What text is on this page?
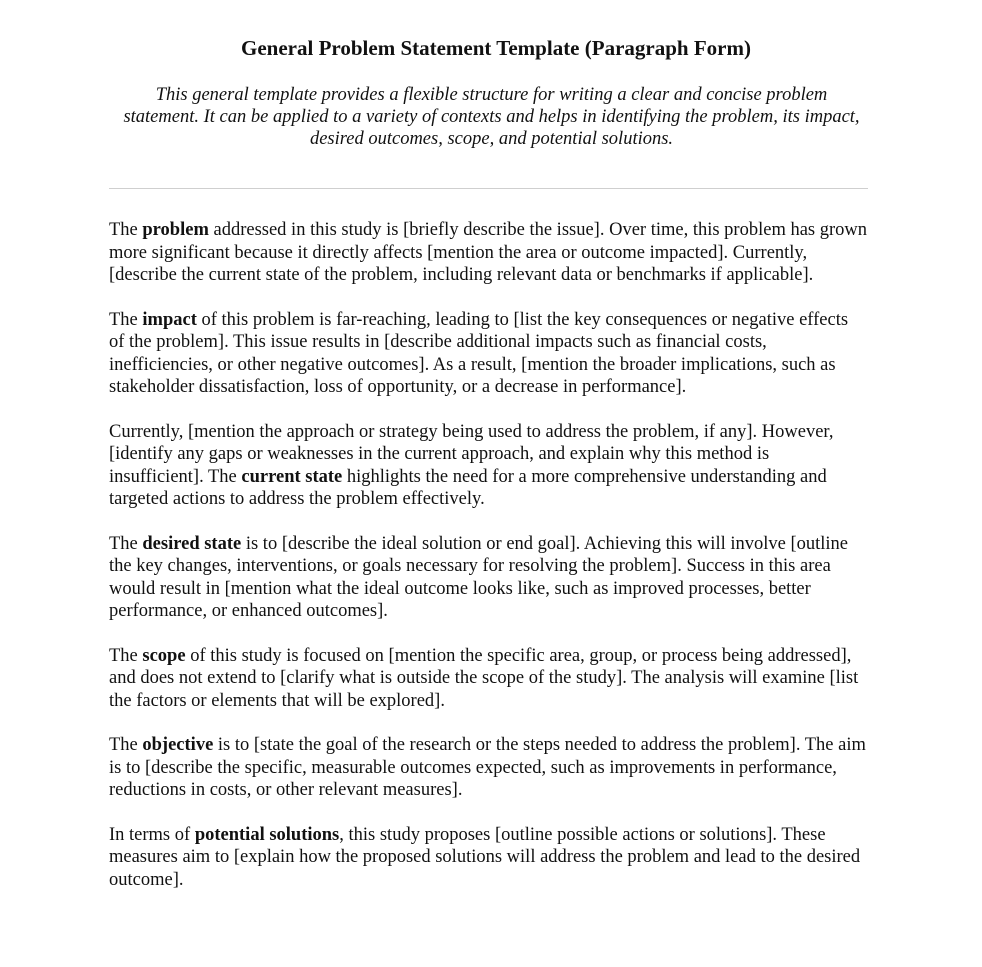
General Problem Statement Template (Paragraph Form)

This general template provides a flexible structure for writing a clear and concise problem statement. It can be applied to a variety of contexts and helps in identifying the problem, its impact, desired outcomes, scope, and potential solutions.

The problem addressed in this study is [briefly describe the issue]. Over time, this problem has grown more significant because it directly affects [mention the area or outcome impacted]. Currently, [describe the current state of the problem, including relevant data or benchmarks if applicable].

The impact of this problem is far-reaching, leading to [list the key consequences or negative effects of the problem]. This issue results in [describe additional impacts such as financial costs, inefficiencies, or other negative outcomes]. As a result, [mention the broader implications, such as stakeholder dissatisfaction, loss of opportunity, or a decrease in performance].

Currently, [mention the approach or strategy being used to address the problem, if any]. However, [identify any gaps or weaknesses in the current approach, and explain why this method is insufficient]. The current state highlights the need for a more comprehensive understanding and targeted actions to address the problem effectively.

The desired state is to [describe the ideal solution or end goal]. Achieving this will involve [outline the key changes, interventions, or goals necessary for resolving the problem]. Success in this area would result in [mention what the ideal outcome looks like, such as improved processes, better performance, or enhanced outcomes].

The scope of this study is focused on [mention the specific area, group, or process being addressed], and does not extend to [clarify what is outside the scope of the study]. The analysis will examine [list the factors or elements that will be explored].

The objective is to [state the goal of the research or the steps needed to address the problem]. The aim is to [describe the specific, measurable outcomes expected, such as improvements in performance, reductions in costs, or other relevant measures].

In terms of potential solutions, this study proposes [outline possible actions or solutions]. These measures aim to [explain how the proposed solutions will address the problem and lead to the desired outcome].
